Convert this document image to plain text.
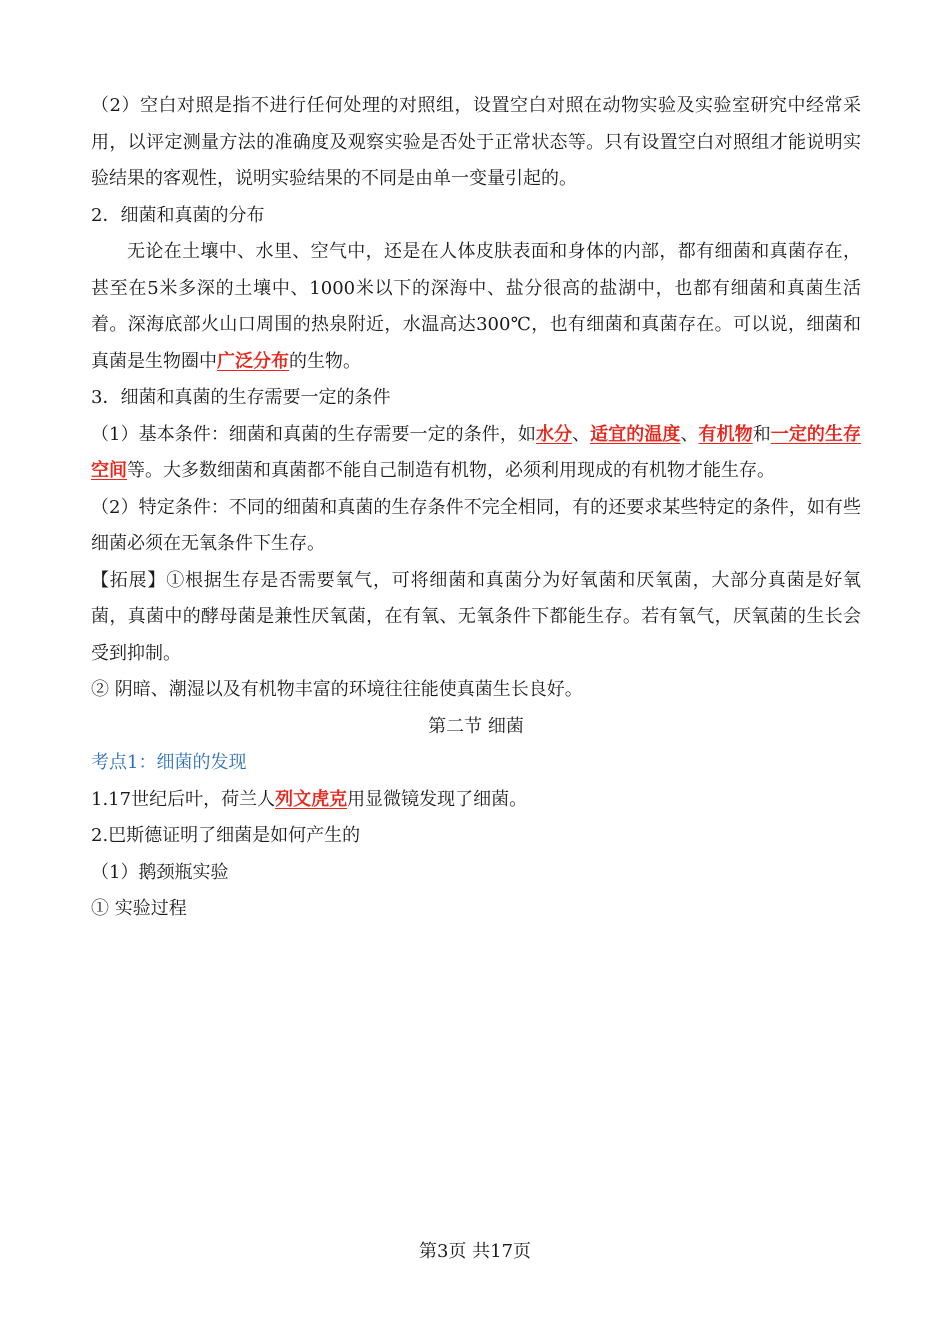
（2）空白对照是指不进行任何处理的对照组，设置空白对照在动物实验及实验室研究中经常采用，以评定测量方法的准确度及观察实验是否处于正常状态等。只有设置空白对照组才能说明实验结果的客观性，说明实验结果的不同是由单一变量引起的。

2．细菌和真菌的分布

无论在土壤中、水里、空气中，还是在人体皮肤表面和身体的内部，都有细菌和真菌存在，甚至在5米多深的土壤中、1000米以下的深海中、盐分很高的盐湖中，也都有细菌和真菌生活着。深海底部火山口周围的热泉附近，水温高达300℃，也有细菌和真菌存在。可以说，细菌和真菌是生物圈中广泛分布的生物。

3．细菌和真菌的生存需要一定的条件

（1）基本条件：细菌和真菌的生存需要一定的条件，如水分、适宜的温度、有机物和一定的生存空间等。大多数细菌和真菌都不能自己制造有机物，必须利用现成的有机物才能生存。

（2）特定条件：不同的细菌和真菌的生存条件不完全相同，有的还要求某些特定的条件，如有些细菌必须在无氧条件下生存。

【拓展】①根据生存是否需要氧气，可将细菌和真菌分为好氧菌和厌氧菌，大部分真菌是好氧菌，真菌中的酵母菌是兼性厌氧菌，在有氧、无氧条件下都能生存。若有氧气，厌氧菌的生长会受到抑制。

② 阴暗、潮湿以及有机物丰富的环境往往能使真菌生长良好。

第二节 细菌

考点1：细菌的发现

1.17世纪后叶，荷兰人列文虎克用显微镜发现了细菌。

2.巴斯德证明了细菌是如何产生的

（1）鹅颈瓶实验

① 实验过程

第3页 共17页
